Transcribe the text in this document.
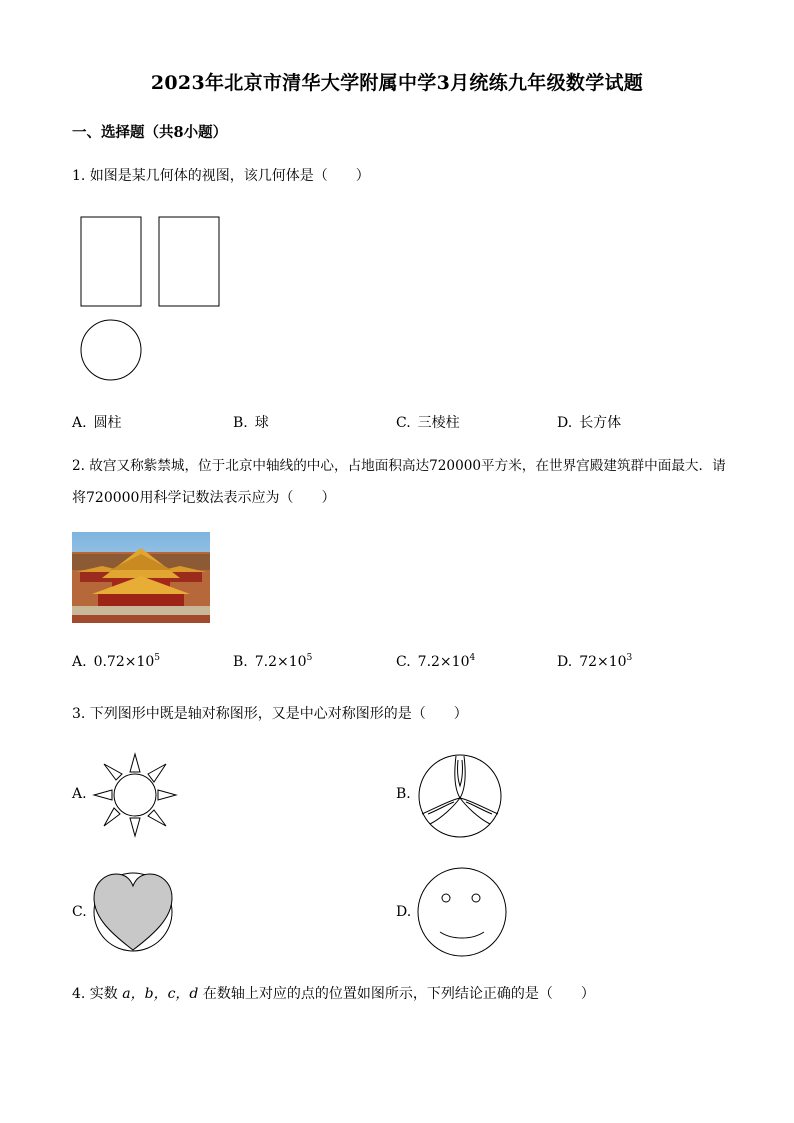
2023年北京市清华大学附属中学3月统练九年级数学试题
一、选择题（共8小题）
1. 如图是某几何体的视图，该几何体是（　　）
A. 圆柱	B. 球	C. 三棱柱	D. 长方体
2. 故宫又称紫禁城，位于北京中轴线的中心，占地面积高达720000平方米，在世界宫殿建筑群中面最大．请
将720000用科学记数法表示应为（　　）
A. $0.72\times 10^5$	B. $7.2\times 10^5$	C. $7.2\times 10^4$	D. $72\times 10^3$
3. 下列图形中既是轴对称图形，又是中心对称图形的是（　　）
A.	B.
C.	D.
4. 实数 a，b，c，d 在数轴上对应的点的位置如图所示，下列结论正确的是（　　）
